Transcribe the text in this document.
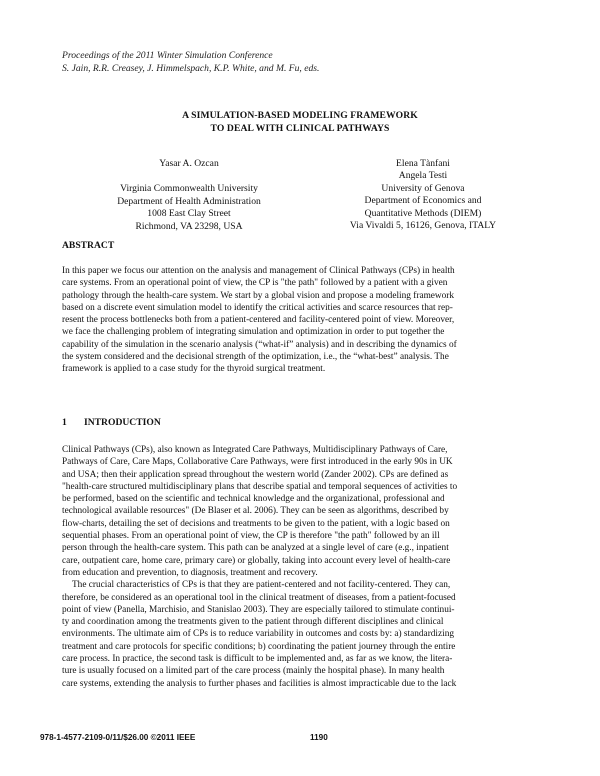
Proceedings of the 2011 Winter Simulation Conference
S. Jain, R.R. Creasey, J. Himmelspach, K.P. White, and M. Fu, eds.
A SIMULATION-BASED MODELING FRAMEWORK
TO DEAL WITH CLINICAL PATHWAYS
Yasar A. Ozcan
Virginia Commonwealth University
Department of Health Administration
1008 East Clay Street
Richmond, VA 23298, USA
Elena Tànfani
Angela Testi
University of Genova
Department of Economics and
Quantitative Methods (DIEM)
Via Vivaldi 5, 16126, Genova, ITALY
ABSTRACT
In this paper we focus our attention on the analysis and management of Clinical Pathways (CPs) in health
care systems. From an operational point of view, the CP is "the path" followed by a patient with a given
pathology through the health-care system. We start by a global vision and propose a modeling framework
based on a discrete event simulation model to identify the critical activities and scarce resources that rep-
resent the process bottlenecks both from a patient-centered and facility-centered point of view. Moreover,
we face the challenging problem of integrating simulation and optimization in order to put together the
capability of the simulation in the scenario analysis (“what-if” analysis) and in describing the dynamics of
the system considered and the decisional strength of the optimization, i.e., the “what-best” analysis. The
framework is applied to a case study for the thyroid surgical treatment.
1 INTRODUCTION
Clinical Pathways (CPs), also known as Integrated Care Pathways, Multidisciplinary Pathways of Care,
Pathways of Care, Care Maps, Collaborative Care Pathways, were first introduced in the early 90s in UK
and USA; then their application spread throughout the western world (Zander 2002). CPs are defined as
"health-care structured multidisciplinary plans that describe spatial and temporal sequences of activities to
be performed, based on the scientific and technical knowledge and the organizational, professional and
technological available resources" (De Blaser et al. 2006). They can be seen as algorithms, described by
flow-charts, detailing the set of decisions and treatments to be given to the patient, with a logic based on
sequential phases. From an operational point of view, the CP is therefore "the path" followed by an ill
person through the health-care system. This path can be analyzed at a single level of care (e.g., inpatient
care, outpatient care, home care, primary care) or globally, taking into account every level of health-care
from education and prevention, to diagnosis, treatment and recovery.
The crucial characteristics of CPs is that they are patient-centered and not facility-centered. They can,
therefore, be considered as an operational tool in the clinical treatment of diseases, from a patient-focused
point of view (Panella, Marchisio, and Stanislao 2003). They are especially tailored to stimulate continui-
ty and coordination among the treatments given to the patient through different disciplines and clinical
environments. The ultimate aim of CPs is to reduce variability in outcomes and costs by: a) standardizing
treatment and care protocols for specific conditions; b) coordinating the patient journey through the entire
care process. In practice, the second task is difficult to be implemented and, as far as we know, the litera-
ture is usually focused on a limited part of the care process (mainly the hospital phase). In many health
care systems, extending the analysis to further phases and facilities is almost impracticable due to the lack
978-1-4577-2109-0/11/$26.00 ©2011 IEEE	1190
